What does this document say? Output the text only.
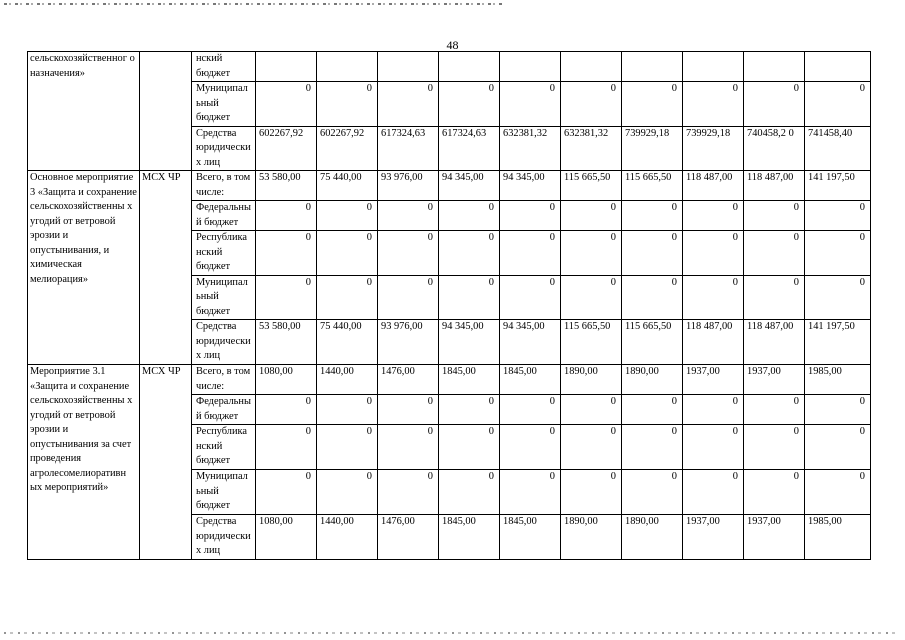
48
сельскохозяйственног о назначения»		нский бюджет										
		Муниципал ьный бюджет	0	0	0	0	0	0	0	0	0	0
		Средства юридически х лиц	602267,92	602267,92	617324,63	617324,63	632381,32	632381,32	739929,18	739929,18	740458,2 0	741458,40
Основное мероприятие 3 «Защита и сохранение сельскохозяйственны х угодий от ветровой эрозии и опустынивания, и химическая мелиорация»	МСХ ЧР	Всего, в том числе:	53 580,00	75 440,00	93 976,00	94 345,00	94 345,00	115 665,50	115 665,50	118 487,00	118 487,00	141 197,50
		Федеральны й бюджет	0	0	0	0	0	0	0	0	0	0
		Республика нский бюджет	0	0	0	0	0	0	0	0	0	0
		Муниципал ьный бюджет	0	0	0	0	0	0	0	0	0	0
		Средства юридически х лиц	53 580,00	75 440,00	93 976,00	94 345,00	94 345,00	115 665,50	115 665,50	118 487,00	118 487,00	141 197,50
Мероприятие 3.1 «Защита и сохранение сельскохозяйственны х угодий от ветровой эрозии и опустынивания за счет проведения агролесомелиоративн ых мероприятий»	МСХ ЧР	Всего, в том числе:	1080,00	1440,00	1476,00	1845,00	1845,00	1890,00	1890,00	1937,00	1937,00	1985,00
		Федеральны й бюджет	0	0	0	0	0	0	0	0	0	0
		Республика нский бюджет	0	0	0	0	0	0	0	0	0	0
		Муниципал ьный бюджет	0	0	0	0	0	0	0	0	0	0
		Средства юридически х лиц	1080,00	1440,00	1476,00	1845,00	1845,00	1890,00	1890,00	1937,00	1937,00	1985,00
